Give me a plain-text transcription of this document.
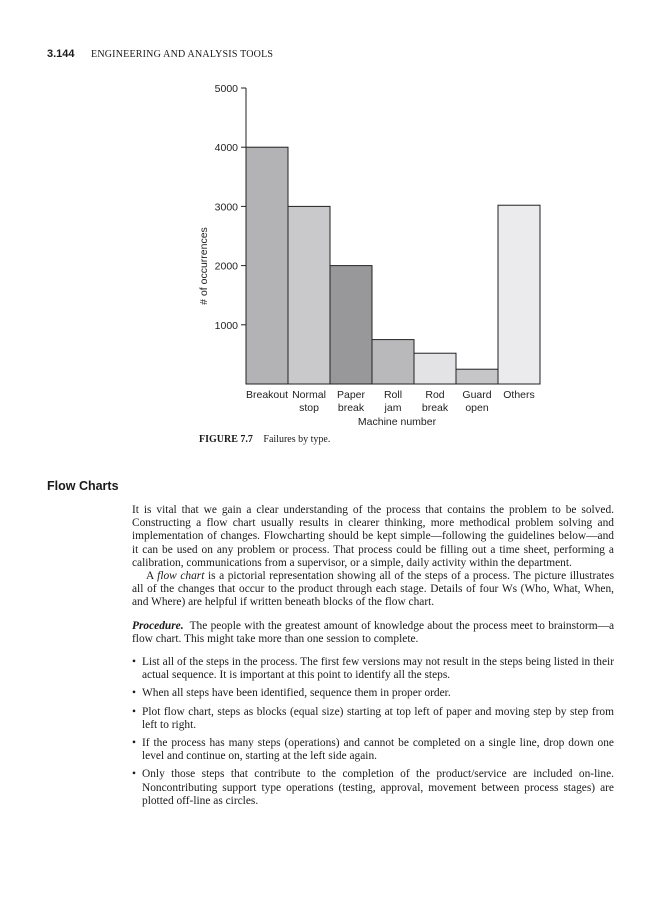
3.144 ENGINEERING AND ANALYSIS TOOLS
1000
2000
3000
4000
5000
Breakout Normal
stop
Paper
break
Roll
jam
Rod
break
Guard
open
Others
Machine number
# of occurrences
FIGURE 7.7 Failures by type.
Flow Charts

It is vital that we gain a clear understanding of the process that contains the problem to be solved. Constructing a flow chart usually results in clearer thinking, more methodical problem solving and implementation of changes. Flowcharting should be kept simple—following the guidelines below—and it can be used on any problem or process. That process could be filling out a time sheet, performing a calibration, communications from a supervisor, or a simple, daily activity within the department.

A flow chart is a pictorial representation showing all of the steps of a process. The picture illustrates all of the changes that occur to the product through each stage. Details of four Ws (Who, What, When, and Where) are helpful if written beneath blocks of the flow chart.

Procedure. The people with the greatest amount of knowledge about the process meet to brainstorm—a flow chart. This might take more than one session to complete.

• List all of the steps in the process. The first few versions may not result in the steps being listed in their actual sequence. It is important at this point to identify all the steps.
• When all steps have been identified, sequence them in proper order.
• Plot flow chart, steps as blocks (equal size) starting at top left of paper and moving step by step from left to right.
• If the process has many steps (operations) and cannot be completed on a single line, drop down one level and continue on, starting at the left side again.
• Only those steps that contribute to the completion of the product/service are included on-line. Noncontributing support type operations (testing, approval, movement between process stages) are plotted off-line as circles.
